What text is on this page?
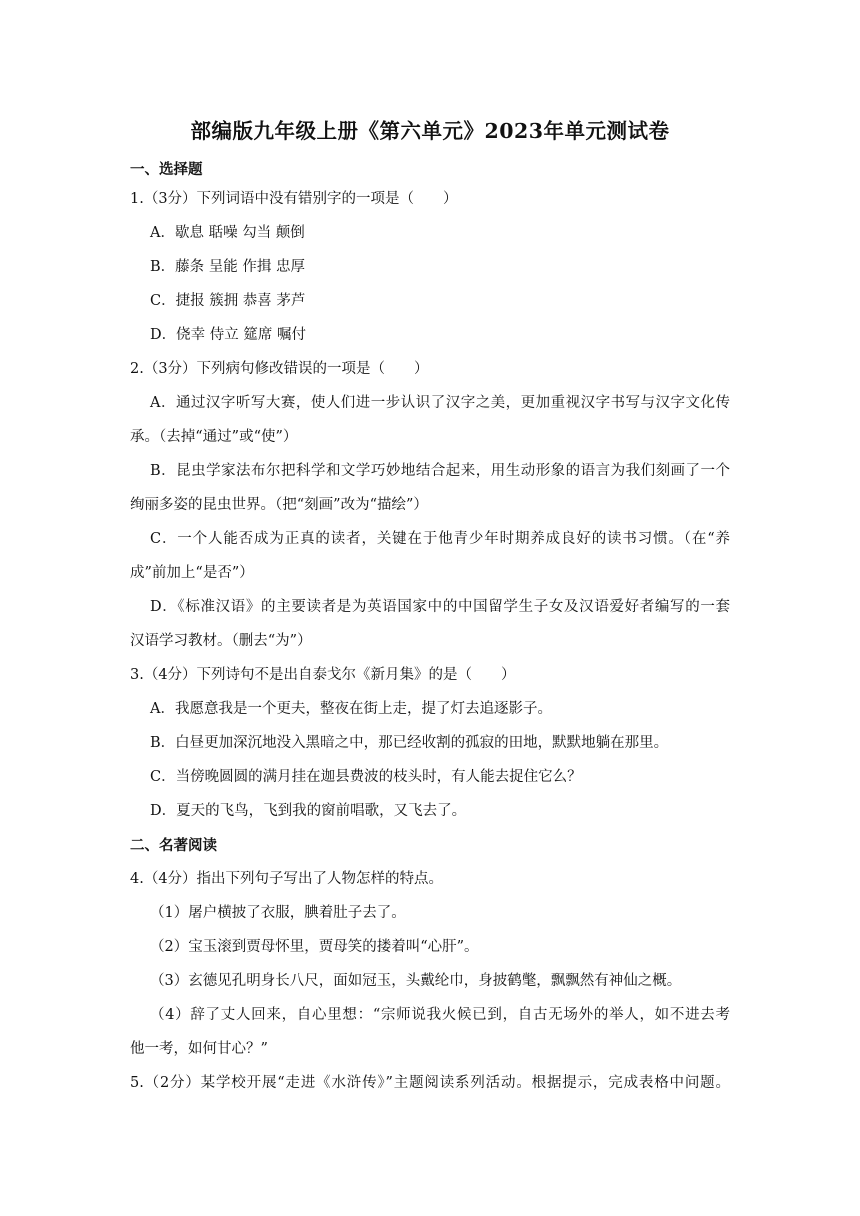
部编版九年级上册《第六单元》2023年单元测试卷
一、选择题
1.（3分）下列词语中没有错别字的一项是（　　）
A．歇息 聒噪 勾当 颠倒
B．藤条 呈能 作揖 忠厚
C．捷报 簇拥 恭喜 茅芦
D．侥幸 侍立 筵席 嘱付
2.（3分）下列病句修改错误的一项是（　　）
A．通过汉字听写大赛，使人们进一步认识了汉字之美，更加重视汉字书写与汉字文化传
承。（去掉“通过”或“使”）
B．昆虫学家法布尔把科学和文学巧妙地结合起来，用生动形象的语言为我们刻画了一个
绚丽多姿的昆虫世界。（把“刻画”改为“描绘”）
C．一个人能否成为正真的读者，关键在于他青少年时期养成良好的读书习惯。（在“养
成”前加上“是否”）
D．《标准汉语》的主要读者是为英语国家中的中国留学生子女及汉语爱好者编写的一套
汉语学习教材。（删去“为”）
3.（4分）下列诗句不是出自泰戈尔《新月集》的是（　　）
A．我愿意我是一个更夫，整夜在街上走，提了灯去追逐影子。
B．白昼更加深沉地没入黑暗之中，那已经收割的孤寂的田地，默默地躺在那里。
C．当傍晚圆圆的满月挂在迦县费波的枝头时，有人能去捉住它么？
D．夏天的飞鸟，飞到我的窗前唱歌，又飞去了。
二、名著阅读
4.（4分）指出下列句子写出了人物怎样的特点。
（1）屠户横披了衣服，腆着肚子去了。
（2）宝玉滚到贾母怀里，贾母笑的搂着叫“心肝”。
（3）玄德见孔明身长八尺，面如冠玉，头戴纶巾，身披鹤氅，飘飘然有神仙之概。
（4）辞了丈人回来，自心里想：“宗师说我火候已到，自古无场外的举人，如不进去考
他一考，如何甘心？”
5.（2分）某学校开展“走进《水浒传》”主题阅读系列活动。根据提示，完成表格中问题。
